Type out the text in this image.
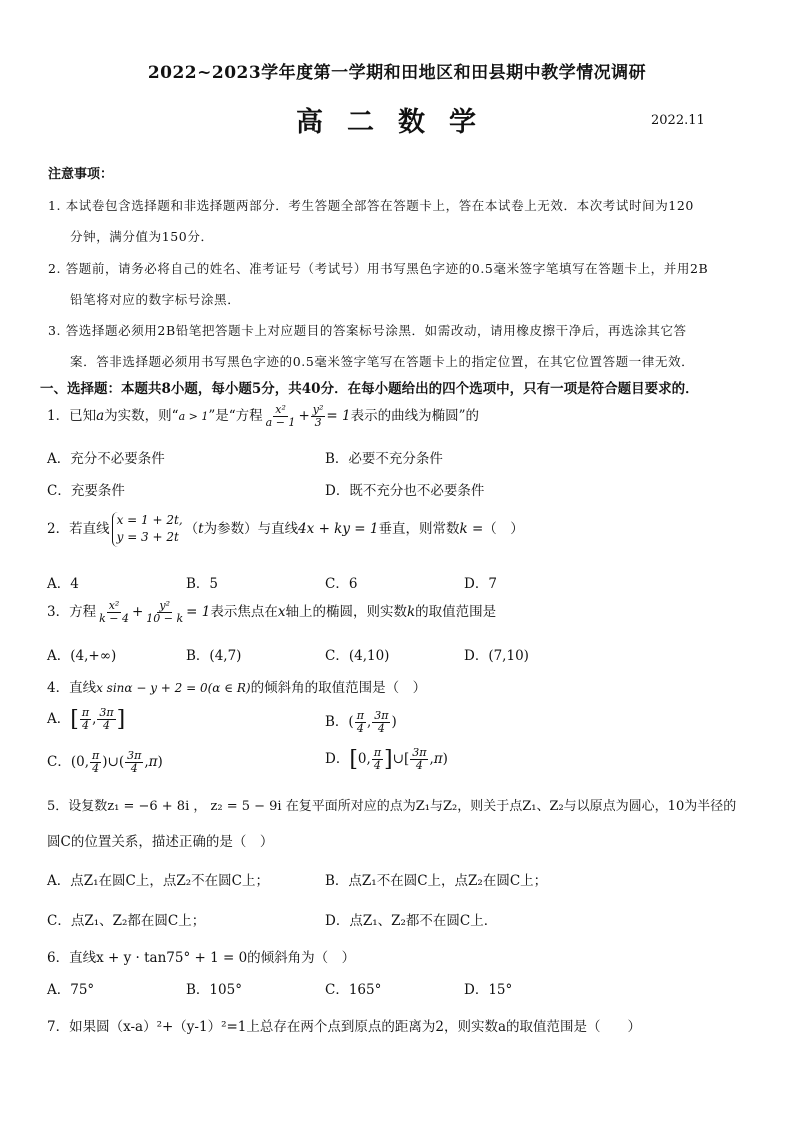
2022~2023学年度第一学期和田地区和田县期中教学情况调研
高二数学	2022.11
注意事项：
1. 本试卷包含选择题和非选择题两部分．考生答题全部答在答题卡上，答在本试卷上无效．本次考试时间为120
分钟，满分值为150分．
2. 答题前，请务必将自己的姓名、准考证号（考试号）用书写黑色字迹的0.5毫米签字笔填写在答题卡上，并用2B
铅笔将对应的数字标号涂黑．
3. 答选择题必须用2B铅笔把答题卡上对应题目的答案标号涂黑．如需改动，请用橡皮擦干净后，再选涂其它答
案．答非选择题必须用书写黑色字迹的0.5毫米签字笔写在答题卡上的指定位置，在其它位置答题一律无效．
一、选择题：本题共8小题，每小题5分，共40分．在每小题给出的四个选项中，只有一项是符合题目要求的．
1．已知a为实数，则“a > 1”是“方程 $\frac{\text{x²}}{a - 1} + \frac{\text{y²}}{3} = 1$表示的曲线为椭圆”的
A．充分不必要条件	B．必要不充分条件
C．充要条件	D．既不充分也不必要条件
2．若直线
x = 1 + 2t,
y = 3 + 2t
（t为参数）与直线4x + ky = 1垂直，则常数k =（　）
A．4	B．5	C．6	D．7
3．方程 $\frac{\text{x²}}{k - 4} + \frac{\text{y²}}{10 - k} = 1$表示焦点在x轴上的椭圆，则实数k的取值范围是
A．(4,+∞)	B．(4,7)	C．(4,10)	D．(7,10)
4．直线x sinα − y + 2 = 0(α ∈ R)的倾斜角的取值范围是（　）
A．[ $\frac{\pi}{4}$ , $\frac{3\pi}{4}$ ]	B．( $\frac{\pi}{4}$ , $\frac{3\pi}{4}$ )
C．(0, $\frac{\pi}{4}$ )∪( $\frac{3\pi}{4} ,\pi$)	D．[0, $\frac{\pi}{4}$ ]∪[ $\frac{3\pi}{4} ,\pi$)
5．设复数z₁ = −6 + 8i ， z₂ = 5 − 9i 在复平面所对应的点为Z₁与Z₂，则关于点Z₁、Z₂与以原点为圆心，10为半径的
圆C的位置关系，描述正确的是（　）
A．点Z₁在圆C上，点Z₂不在圆C上；	B．点Z₁不在圆C上，点Z₂在圆C上；
C．点Z₁、Z₂都在圆C上；	D．点Z₁、Z₂都不在圆C上．
6．直线x + y · tan75° + 1 = 0的倾斜角为（　）
A．75°	B．105°	C．165°	D．15°
7．如果圆（x-a）²+（y-1）²=1上总存在两个点到原点的距离为2，则实数a的取值范围是（　　）
